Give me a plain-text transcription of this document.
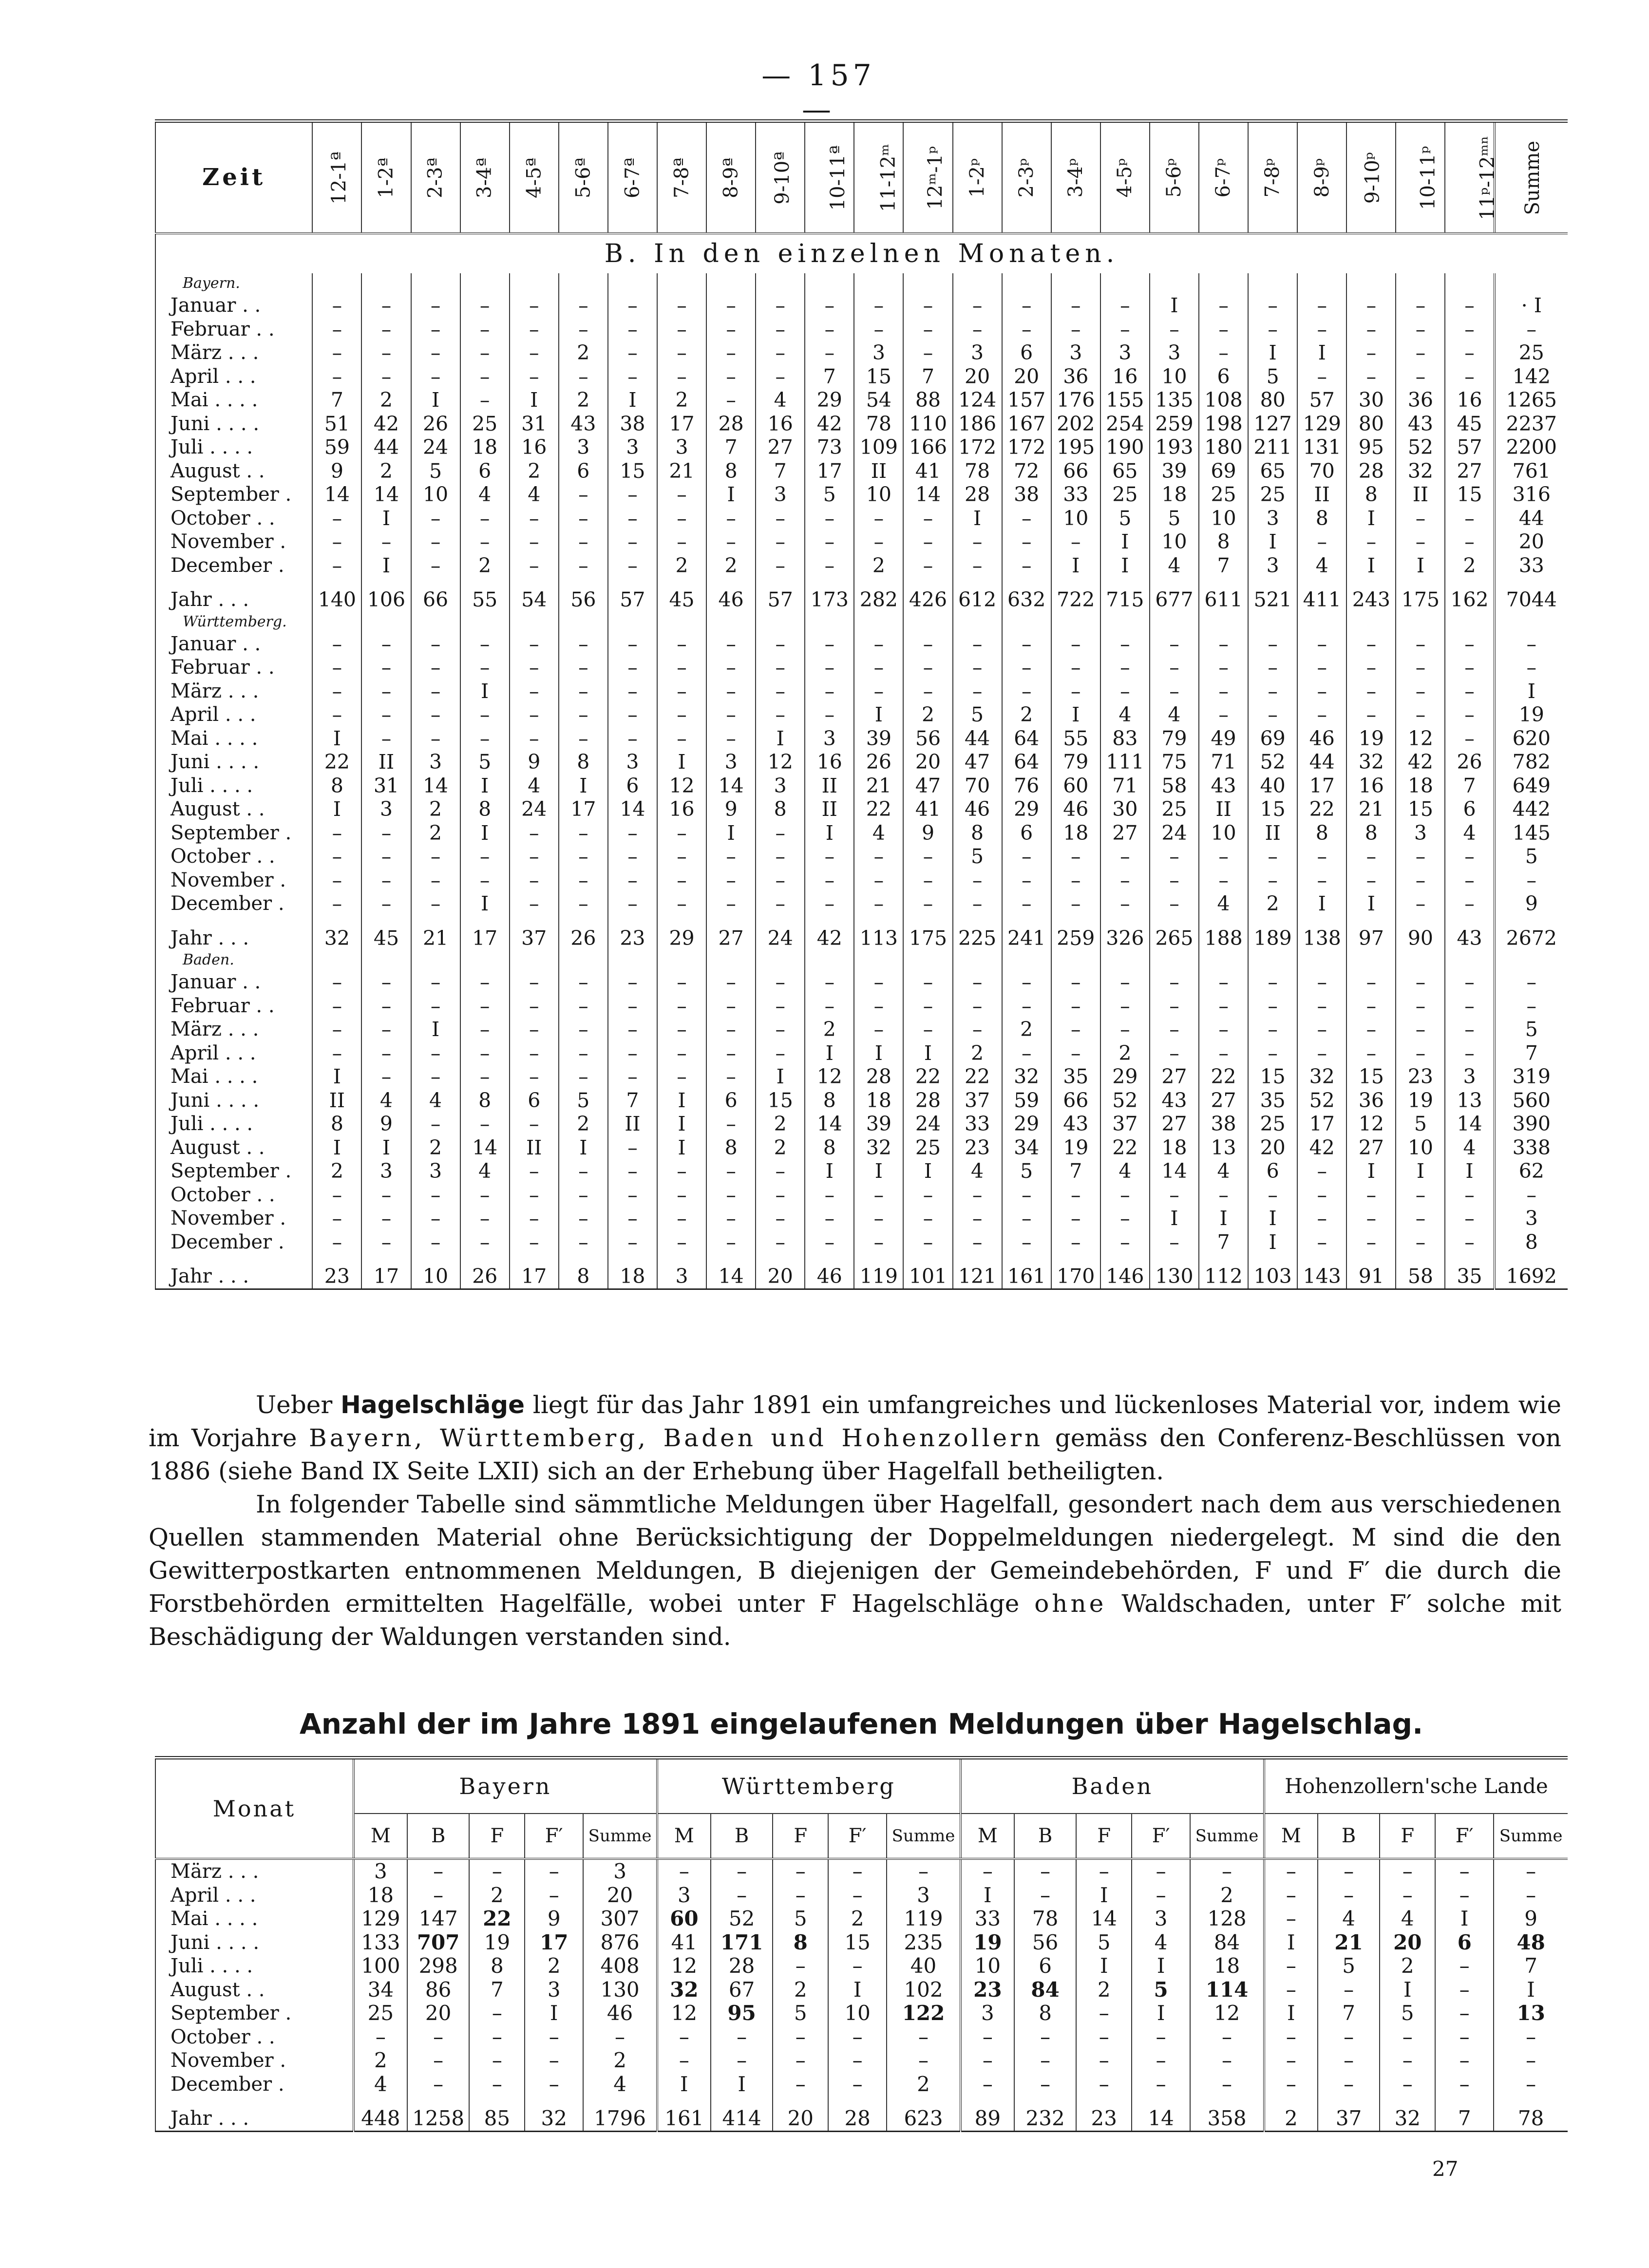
— 157 —
Zeit	12-1ª	1-2ª	2-3ª	3-4ª	4-5ª	5-6ª	6-7ª	7-8ª	8-9ª	9-10ª	10-11ª	11-12ᵐ	12ᵐ-1ᵖ	1-2ᵖ	2-3ᵖ	3-4ᵖ	4-5ᵖ	5-6ᵖ	6-7ᵖ	7-8ᵖ	8-9ᵖ	9-10ᵖ	10-11ᵖ	11ᵖ-12ᵐⁿ	Summe
B. In den einzelnen Monaten.																									
Bayern.																									
Januar . .	–	–	–	–	–	–	–	–	–	–	–	–	–	–	–	–	–	I	–	–	–	–	–	–	· I
Februar . .	–	–	–	–	–	–	–	–	–	–	–	–	–	–	–	–	–	–	–	–	–	–	–	–	–
März . . .	–	–	–	–	–	2	–	–	–	–	–	3	–	3	6	3	3	3	–	I	I	–	–	–	25
April . . .	–	–	–	–	–	–	–	–	–	–	7	15	7	20	20	36	16	10	6	5	–	–	–	–	142
Mai . . . .	7	2	I	–	I	2	I	2	–	4	29	54	88	124	157	176	155	135	108	80	57	30	36	16	1265
Juni . . . .	51	42	26	25	31	43	38	17	28	16	42	78	110	186	167	202	254	259	198	127	129	80	43	45	2237
Juli . . . .	59	44	24	18	16	3	3	3	7	27	73	109	166	172	172	195	190	193	180	211	131	95	52	57	2200
August . .	9	2	5	6	2	6	15	21	8	7	17	II	41	78	72	66	65	39	69	65	70	28	32	27	761
September .	14	14	10	4	4	–	–	–	I	3	5	10	14	28	38	33	25	18	25	25	II	8	II	15	316
October . .	–	I	–	–	–	–	–	–	–	–	–	–	–	I	–	10	5	5	10	3	8	I	–	–	44
November .	–	–	–	–	–	–	–	–	–	–	–	–	–	–	–	–	I	10	8	I	–	–	–	–	20
December .	–	I	–	2	–	–	–	2	2	–	–	2	–	–	–	I	I	4	7	3	4	I	I	2	33

Jahr . . .	140	106	66	55	54	56	57	45	46	57	173	282	426	612	632	722	715	677	611	521	411	243	175	162	7044
Württemberg.																									
Januar . .	–	–	–	–	–	–	–	–	–	–	–	–	–	–	–	–	–	–	–	–	–	–	–	–	–
Februar . .	–	–	–	–	–	–	–	–	–	–	–	–	–	–	–	–	–	–	–	–	–	–	–	–	–
März . . .	–	–	–	I	–	–	–	–	–	–	–	–	–	–	–	–	–	–	–	–	–	–	–	–	I
April . . .	–	–	–	–	–	–	–	–	–	–	–	I	2	5	2	I	4	4	–	–	–	–	–	–	19
Mai . . . .	I	–	–	–	–	–	–	–	–	I	3	39	56	44	64	55	83	79	49	69	46	19	12	–	620
Juni . . . .	22	II	3	5	9	8	3	I	3	12	16	26	20	47	64	79	111	75	71	52	44	32	42	26	782
Juli . . . .	8	31	14	I	4	I	6	12	14	3	II	21	47	70	76	60	71	58	43	40	17	16	18	7	649
August . .	I	3	2	8	24	17	14	16	9	8	II	22	41	46	29	46	30	25	II	15	22	21	15	6	442
September .	–	–	2	I	–	–	–	–	I	–	I	4	9	8	6	18	27	24	10	II	8	8	3	4	145
October . .	–	–	–	–	–	–	–	–	–	–	–	–	–	5	–	–	–	–	–	–	–	–	–	–	5
November .	–	–	–	–	–	–	–	–	–	–	–	–	–	–	–	–	–	–	–	–	–	–	–	–	–
December .	–	–	–	I	–	–	–	–	–	–	–	–	–	–	–	–	–	–	4	2	I	I	–	–	9

Jahr . . .	32	45	21	17	37	26	23	29	27	24	42	113	175	225	241	259	326	265	188	189	138	97	90	43	2672
Baden.																									
Januar . .	–	–	–	–	–	–	–	–	–	–	–	–	–	–	–	–	–	–	–	–	–	–	–	–	–
Februar . .	–	–	–	–	–	–	–	–	–	–	–	–	–	–	–	–	–	–	–	–	–	–	–	–	–
März . . .	–	–	I	–	–	–	–	–	–	–	2	–	–	–	2	–	–	–	–	–	–	–	–	–	5
April . . .	–	–	–	–	–	–	–	–	–	–	I	I	I	2	–	–	2	–	–	–	–	–	–	–	7
Mai . . . .	I	–	–	–	–	–	–	–	–	I	12	28	22	22	32	35	29	27	22	15	32	15	23	3	319
Juni . . . .	II	4	4	8	6	5	7	I	6	15	8	18	28	37	59	66	52	43	27	35	52	36	19	13	560
Juli . . . .	8	9	–	–	–	2	II	I	–	2	14	39	24	33	29	43	37	27	38	25	17	12	5	14	390
August . .	I	I	2	14	II	I	–	I	8	2	8	32	25	23	34	19	22	18	13	20	42	27	10	4	338
September .	2	3	3	4	–	–	–	–	–	–	I	I	I	4	5	7	4	14	4	6	–	I	I	I	62
October . .	–	–	–	–	–	–	–	–	–	–	–	–	–	–	–	–	–	–	–	–	–	–	–	–	–
November .	–	–	–	–	–	–	–	–	–	–	–	–	–	–	–	–	–	I	I	I	–	–	–	–	3
December .	–	–	–	–	–	–	–	–	–	–	–	–	–	–	–	–	–	–	7	I	–	–	–	–	8

Jahr . . .	23	17	10	26	17	8	18	3	14	20	46	119	101	121	161	170	146	130	112	103	143	91	58	35	1692

Ueber Hagelschläge liegt für das Jahr 1891 ein umfangreiches und lückenloses Material vor, indem wie im Vorjahre Bayern, Württemberg, Baden und Hohenzollern gemäss den Conferenz-Beschlüssen von 1886 (siehe Band IX Seite LXII) sich an der Erhebung über Hagelfall betheiligten.

In folgender Tabelle sind sämmtliche Meldungen über Hagelfall, gesondert nach dem aus verschiedenen Quellen stammenden Material ohne Berücksichtigung der Doppelmeldungen niedergelegt. M sind die den Gewitterpostkarten entnommenen Meldungen, B diejenigen der Gemeindebehörden, F und F′ die durch die Forstbehörden ermittelten Hagelfälle, wobei unter F Hagelschläge ohne Waldschaden, unter F′ solche mit Beschädigung der Waldungen verstanden sind.

Anzahl der im Jahre 1891 eingelaufenen Meldungen über Hagelschlag.
Monat	Bayern					Württemberg					Baden					Hohenzollern'sche Lande				
	M	B	F	F′	Summe	M	B	F	F′	Summe	M	B	F	F′	Summe	M	B	F	F′	Summe
März . . .	3	–	–	–	3	–	–	–	–	–	–	–	–	–	–	–	–	–	–	–
April . . .	18	–	2	–	20	3	–	–	–	3	I	–	I	–	2	–	–	–	–	–
Mai . . . .	129	147	22	9	307	60	52	5	2	119	33	78	14	3	128	–	4	4	I	9
Juni . . . .	133	707	19	17	876	41	171	8	15	235	19	56	5	4	84	I	21	20	6	48
Juli . . . .	100	298	8	2	408	12	28	–	–	40	10	6	I	I	18	–	5	2	–	7
August . .	34	86	7	3	130	32	67	2	I	102	23	84	2	5	114	–	–	I	–	I
September .	25	20	–	I	46	12	95	5	10	122	3	8	–	I	12	I	7	5	–	13
October . .	–	–	–	–	–	–	–	–	–	–	–	–	–	–	–	–	–	–	–	–
November .	2	–	–	–	2	–	–	–	–	–	–	–	–	–	–	–	–	–	–	–
December .	4	–	–	–	4	I	I	–	–	2	–	–	–	–	–	–	–	–	–	–

Jahr . . .	448	1258	85	32	1796	161	414	20	28	623	89	232	23	14	358	2	37	32	7	78
27
